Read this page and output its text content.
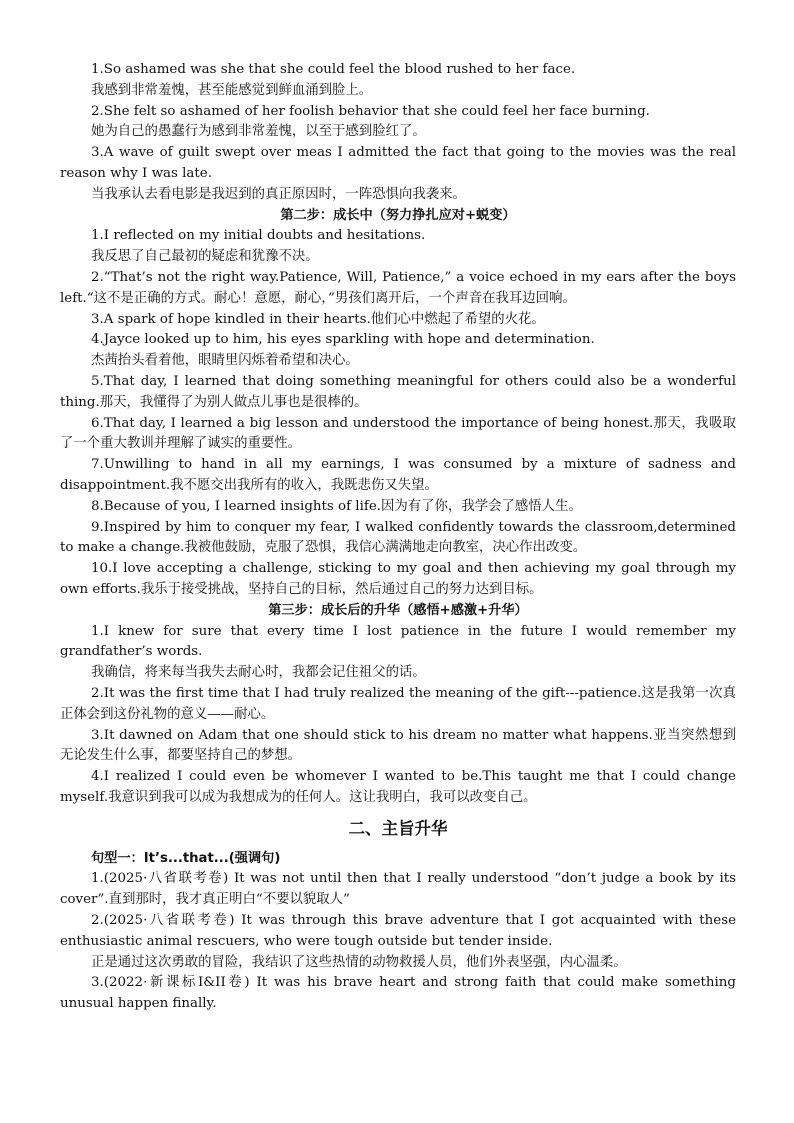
1.So ashamed was she that she could feel the blood rushed to her face.

我感到非常羞愧，甚至能感觉到鲜血涌到脸上。

2.She felt so ashamed of her foolish behavior that she could feel her face burning.

她为自己的愚蠢行为感到非常羞愧，以至于感到脸红了。

3.A wave of guilt swept over meas I admitted the fact that going to the movies was the real reason why I was late.

当我承认去看电影是我迟到的真正原因时，一阵恐惧向我袭来。

第二步：成长中（努力挣扎应对+蜕变）

1.I reflected on my initial doubts and hesitations.

我反思了自己最初的疑虑和犹豫不决。

2.“That’s not the right way.Patience, Will, Patience,” a voice echoed in my ears after the boys left.“这不是正确的方式。耐心！意愿，耐心，”男孩们离开后，一个声音在我耳边回响。

3.A spark of hope kindled in their hearts.他们心中燃起了希望的火花。

4.Jayce looked up to him, his eyes sparkling with hope and determination.

杰茜抬头看着他，眼睛里闪烁着希望和决心。

5.That day, I learned that doing something meaningful for others could also be a wonderful thing.那天，我懂得了为别人做点儿事也是很棒的。

6.That day, I learned a big lesson and understood the importance of being honest.那天，我吸取了一个重大教训并理解了诚实的重要性。

7.Unwilling to hand in all my earnings, I was consumed by a mixture of sadness and disappointment.我不愿交出我所有的收入，我既悲伤又失望。

8.Because of you, I learned insights of life.因为有了你，我学会了感悟人生。

9.Inspired by him to conquer my fear, I walked confidently towards the classroom,determined to make a change.我被他鼓励，克服了恐惧，我信心满满地走向教室，决心作出改变。

10.I love accepting a challenge, sticking to my goal and then achieving my goal through my own efforts.我乐于接受挑战，坚持自己的目标，然后通过自己的努力达到目标。

第三步：成长后的升华（感悟+感激+升华）

1.I knew for sure that every time I lost patience in the future I would remember my grandfather’s words.

我确信，将来每当我失去耐心时，我都会记住祖父的话。

2.It was the first time that I had truly realized the meaning of the gift---patience.这是我第一次真正体会到这份礼物的意义——耐心。

3.It dawned on Adam that one should stick to his dream no matter what happens.亚当突然想到无论发生什么事，都要坚持自己的梦想。

4.I realized I could even be whomever I wanted to be.This taught me that I could change myself.我意识到我可以成为我想成为的任何人。这让我明白，我可以改变自己。

二、主旨升华

句型一：It’s...that...(强调句)

1.(2025·八省联考卷) It was not until then that I really understood “don’t judge a book by its cover”.直到那时，我才真正明白“不要以貌取人”

2.(2025·八省联考卷) It was through this brave adventure that I got acquainted with these enthusiastic animal rescuers, who were tough outside but tender inside.

正是通过这次勇敢的冒险，我结识了这些热情的动物救援人员，他们外表坚强，内心温柔。

3.(2022·新课标I&II卷) It was his brave heart and strong faith that could make something unusual happen finally.
